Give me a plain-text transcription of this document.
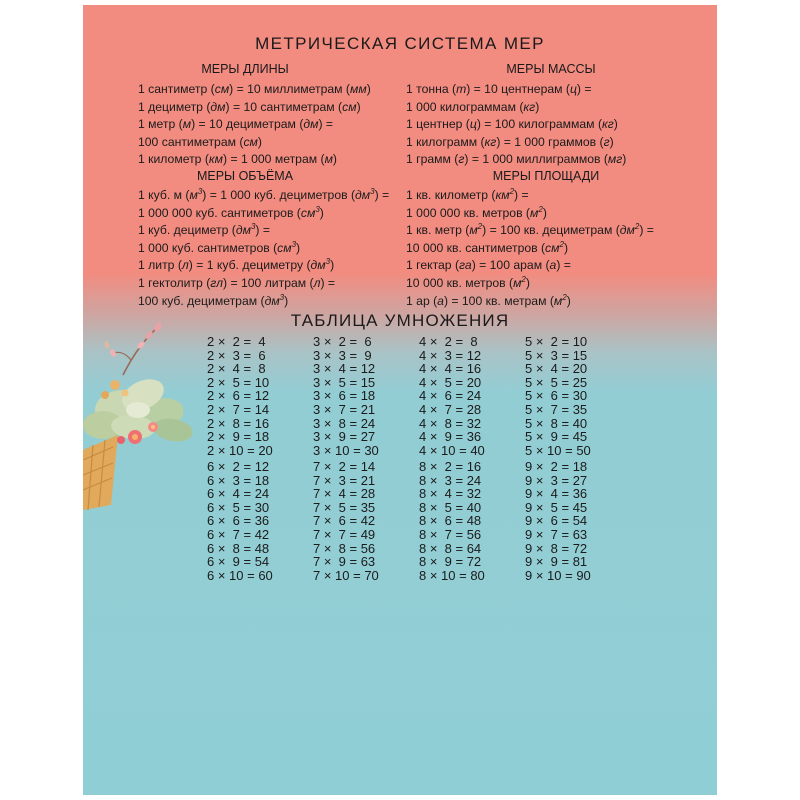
МЕТРИЧЕСКАЯ СИСТЕМА МЕР
МЕРЫ ДЛИНЫ
1 сантиметр (см) = 10 миллиметрам (мм)
1 дециметр (дм) = 10 сантиметрам (см)
1 метр (м) = 10 дециметрам (дм) =
100 сантиметрам (см)
1 километр (км) = 1 000 метрам (м)
МЕРЫ МАССЫ
1 тонна (т) = 10 центнерам (ц) =
1 000 килограммам (кг)
1 центнер (ц) = 100 килограммам (кг)
1 килограмм (кг) = 1 000 граммов (г)
1 грамм (г) = 1 000 миллиграммов (мг)
МЕРЫ ОБЪЁМА
1 куб. м $(м^3) = 1$ 000 куб. дециметров $(дм^3)$ =
1 000 000 куб. сантиметров $(см^3)$
1 куб. дециметр $(дм^3)$ =
1 000 куб. сантиметров $(см^3)$
1 литр (л) = 1 куб. дециметру $(дм^3)$
1 гектолитр (гл) = 100 литрам (л) =
100 куб. дециметрам $(дм^3)$
МЕРЫ ПЛОЩАДИ
1 кв. километр $(км^2)$ =
1 000 000 кв. метров $(м^2)$
1 кв. метр $(м^2) = 100$ кв. дециметрам $(дм^2)$ =
10 000 кв. сантиметров $(см^2)$
1 гектар (га) = 100 арам (а) =
10 000 кв. метров $(м^2)$
1 ар (а) = 100 кв. метрам $(м^2)$
ТАБЛИЦА УМНОЖЕНИЯ
2 ×  2 =  4
2 ×  3 =  6
2 ×  4 =  8
2 ×  5 = 10
2 ×  6 = 12
2 ×  7 = 14
2 ×  8 = 16
2 ×  9 = 18
2 × 10 = 20
3 ×  2 =  6
3 ×  3 =  9
3 ×  4 = 12
3 ×  5 = 15
3 ×  6 = 18
3 ×  7 = 21
3 ×  8 = 24
3 ×  9 = 27
3 × 10 = 30
4 ×  2 =  8
4 ×  3 = 12
4 ×  4 = 16
4 ×  5 = 20
4 ×  6 = 24
4 ×  7 = 28
4 ×  8 = 32
4 ×  9 = 36
4 × 10 = 40
5 ×  2 = 10
5 ×  3 = 15
5 ×  4 = 20
5 ×  5 = 25
5 ×  6 = 30
5 ×  7 = 35
5 ×  8 = 40
5 ×  9 = 45
5 × 10 = 50
6 ×  2 = 12
6 ×  3 = 18
6 ×  4 = 24
6 ×  5 = 30
6 ×  6 = 36
6 ×  7 = 42
6 ×  8 = 48
6 ×  9 = 54
6 × 10 = 60
7 ×  2 = 14
7 ×  3 = 21
7 ×  4 = 28
7 ×  5 = 35
7 ×  6 = 42
7 ×  7 = 49
7 ×  8 = 56
7 ×  9 = 63
7 × 10 = 70
8 ×  2 = 16
8 ×  3 = 24
8 ×  4 = 32
8 ×  5 = 40
8 ×  6 = 48
8 ×  7 = 56
8 ×  8 = 64
8 ×  9 = 72
8 × 10 = 80
9 ×  2 = 18
9 ×  3 = 27
9 ×  4 = 36
9 ×  5 = 45
9 ×  6 = 54
9 ×  7 = 63
9 ×  8 = 72
9 ×  9 = 81
9 × 10 = 90
